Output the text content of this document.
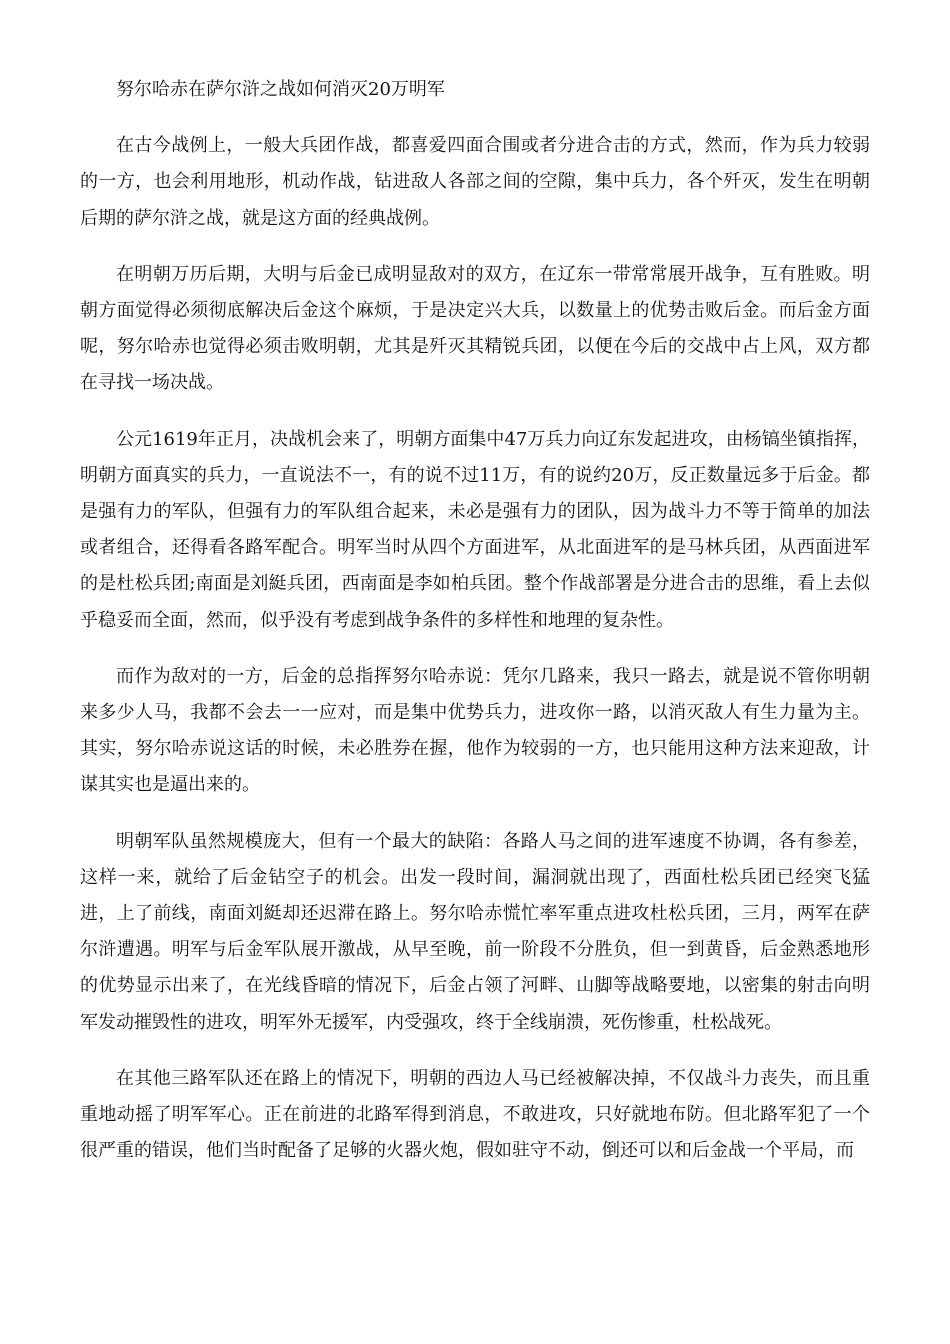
努尔哈赤在萨尔浒之战如何消灭20万明军

在古今战例上，一般大兵团作战，都喜爱四面合围或者分进合击的方式，然而，作为兵力较弱的一方，也会利用地形，机动作战，钻进敌人各部之间的空隙，集中兵力，各个歼灭，发生在明朝后期的萨尔浒之战，就是这方面的经典战例。

在明朝万历后期，大明与后金已成明显敌对的双方，在辽东一带常常展开战争，互有胜败。明朝方面觉得必须彻底解决后金这个麻烦，于是决定兴大兵，以数量上的优势击败后金。而后金方面呢，努尔哈赤也觉得必须击败明朝，尤其是歼灭其精锐兵团，以便在今后的交战中占上风，双方都在寻找一场决战。

公元1619年正月，决战机会来了，明朝方面集中47万兵力向辽东发起进攻，由杨镐坐镇指挥，明朝方面真实的兵力，一直说法不一，有的说不过11万，有的说约20万，反正数量远多于后金。都是强有力的军队，但强有力的军队组合起来，未必是强有力的团队，因为战斗力不等于简单的加法或者组合，还得看各路军配合。明军当时从四个方面进军，从北面进军的是马林兵团，从西面进军的是杜松兵团;南面是刘綎兵团，西南面是李如柏兵团。整个作战部署是分进合击的思维，看上去似乎稳妥而全面，然而，似乎没有考虑到战争条件的多样性和地理的复杂性。

而作为敌对的一方，后金的总指挥努尔哈赤说：凭尔几路来，我只一路去，就是说不管你明朝来多少人马，我都不会去一一应对，而是集中优势兵力，进攻你一路，以消灭敌人有生力量为主。其实，努尔哈赤说这话的时候，未必胜券在握，他作为较弱的一方，也只能用这种方法来迎敌，计谋其实也是逼出来的。

明朝军队虽然规模庞大，但有一个最大的缺陷：各路人马之间的进军速度不协调，各有参差，这样一来，就给了后金钻空子的机会。出发一段时间，漏洞就出现了，西面杜松兵团已经突飞猛进，上了前线，南面刘綎却还迟滞在路上。努尔哈赤慌忙率军重点进攻杜松兵团，三月，两军在萨尔浒遭遇。明军与后金军队展开激战，从早至晚，前一阶段不分胜负，但一到黄昏，后金熟悉地形的优势显示出来了，在光线昏暗的情况下，后金占领了河畔、山脚等战略要地，以密集的射击向明军发动摧毁性的进攻，明军外无援军，内受强攻，终于全线崩溃，死伤惨重，杜松战死。

在其他三路军队还在路上的情况下，明朝的西边人马已经被解决掉，不仅战斗力丧失，而且重重地动摇了明军军心。正在前进的北路军得到消息，不敢进攻，只好就地布防。但北路军犯了一个很严重的错误，他们当时配备了足够的火器火炮，假如驻守不动，倒还可以和后金战一个平局，而
